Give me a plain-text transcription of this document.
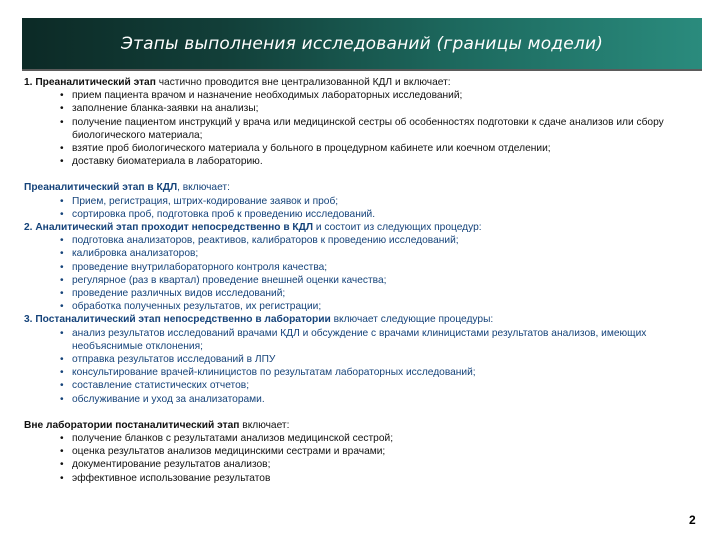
Этапы выполнения исследований (границы модели)

1. Преаналитический этап частично проводится вне централизованной КДЛ и включает:

• прием пациента врачом и назначение необходимых лабораторных исследований;

• заполнение бланка-заявки на анализы;

• получение пациентом инструкций у врача или медицинской сестры об особенностях подготовки к сдаче анализов или сбору биологического материала;

• взятие проб биологического материала у больного в процедурном кабинете или коечном отделении;

• доставку биоматериала в лабораторию.

Преаналитический этап в КДЛ, включает:

• Прием, регистрация, штрих-кодирование заявок и проб;

• сортировка проб, подготовка проб к проведению исследований.

2. Аналитический этап проходит непосредственно в КДЛ и состоит из следующих процедур:

• подготовка анализаторов, реактивов, калибраторов к проведению исследований;

• калибровка анализаторов;

• проведение внутрилабораторного контроля качества;

• регулярное (раз в квартал) проведение внешней оценки качества;

• проведение различных видов исследований;

• обработка полученных результатов, их регистрации;

3. Постаналитический этап непосредственно в лаборатории включает следующие процедуры:

• анализ результатов исследований врачами КДЛ и обсуждение с врачами клиницистами результатов анализов, имеющих необъяснимые отклонения;

• отправка результатов исследований в ЛПУ

• консультирование врачей-клиницистов по результатам лабораторных исследований;

• составление статистических отчетов;

• обслуживание и уход за анализаторами.

Вне лаборатории постаналитический этап включает:

• получение бланков с результатами анализов медицинской сестрой;

• оценка результатов анализов медицинскими сестрами и врачами;

• документирование результатов анализов;

• эффективное использование результатов

2
